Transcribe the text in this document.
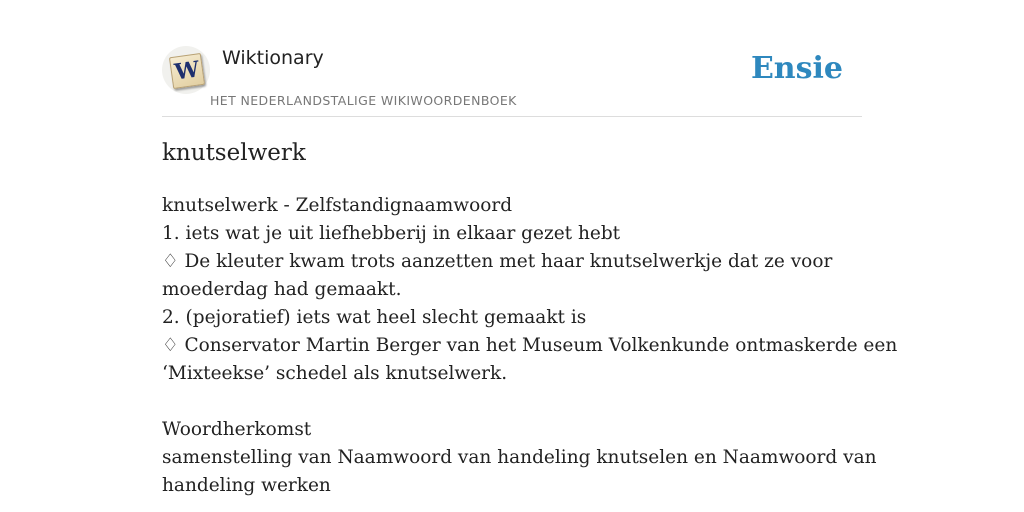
W Wiktionary
HET NEDERLANDSTALIGE WIKIWOORDENBOEK
Ensie
knutselwerk
knutselwerk - Zelfstandignaamwoord
1. iets wat je uit liefhebberij in elkaar gezet hebt
♢ De kleuter kwam trots aanzetten met haar knutselwerkje dat ze voor
moederdag had gemaakt.
2. (pejoratief) iets wat heel slecht gemaakt is
♢ Conservator Martin Berger van het Museum Volkenkunde ontmaskerde een
‘Mixteekse’ schedel als knutselwerk.
Woordherkomst
samenstelling van Naamwoord van handeling knutselen en Naamwoord van
handeling werken
